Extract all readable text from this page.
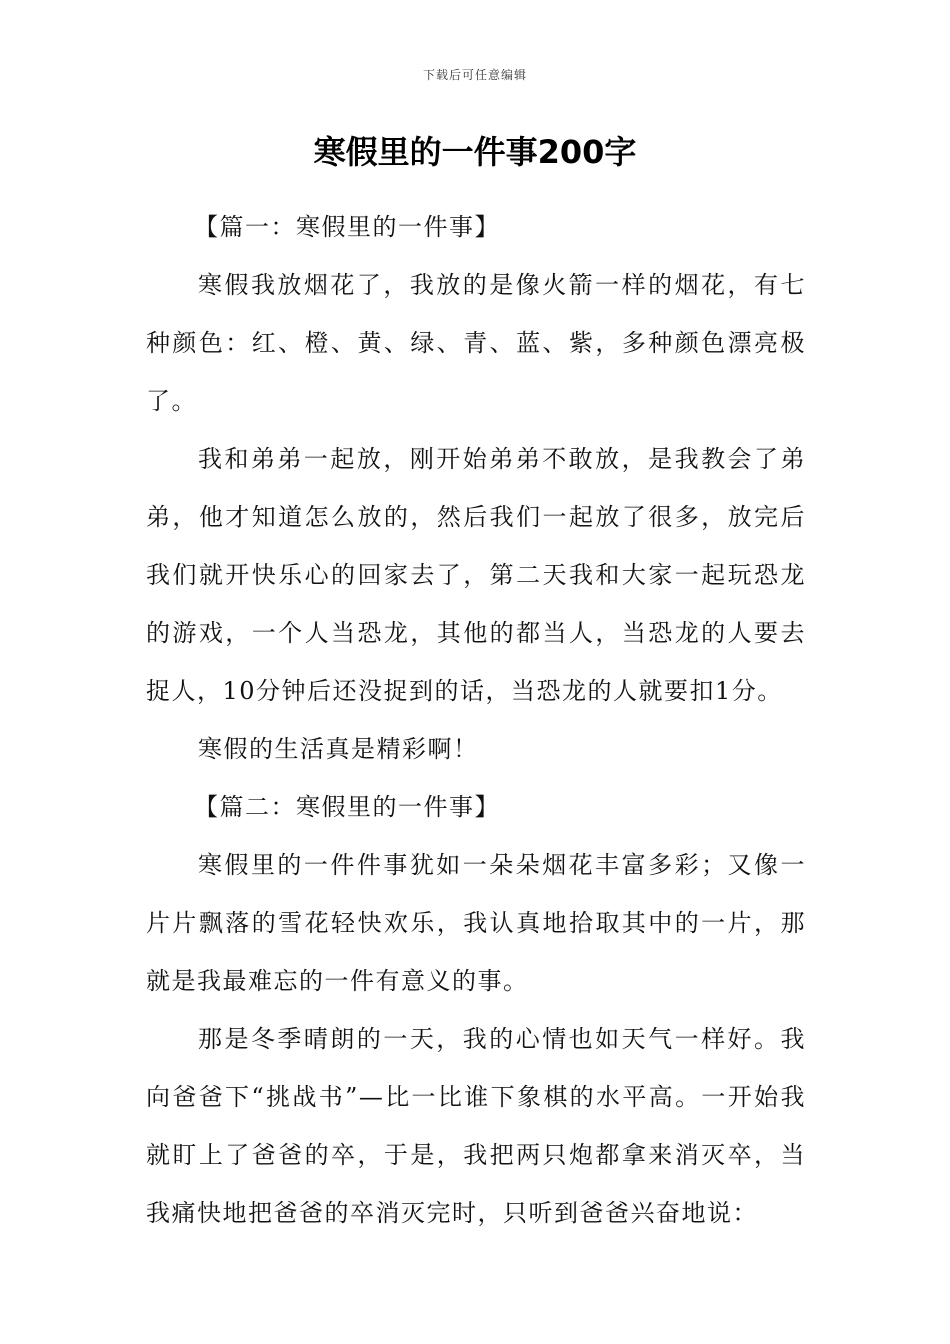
下载后可任意编辑
寒假里的一件事200字

【篇一：寒假里的一件事】

寒假我放烟花了，我放的是像火箭一样的烟花，有七种颜色：红、橙、黄、绿、青、蓝、紫，多种颜色漂亮极了。

我和弟弟一起放，刚开始弟弟不敢放，是我教会了弟弟，他才知道怎么放的，然后我们一起放了很多，放完后我们就开快乐心的回家去了，第二天我和大家一起玩恐龙的游戏，一个人当恐龙，其他的都当人，当恐龙的人要去捉人，10分钟后还没捉到的话，当恐龙的人就要扣1分。

寒假的生活真是精彩啊！

【篇二：寒假里的一件事】

寒假里的一件件事犹如一朵朵烟花丰富多彩；又像一片片飘落的雪花轻快欢乐，我认真地拾取其中的一片，那就是我最难忘的一件有意义的事。

那是冬季晴朗的一天，我的心情也如天气一样好。我向爸爸下“挑战书”—比一比谁下象棋的水平高。一开始我就盯上了爸爸的卒，于是，我把两只炮都拿来消灭卒，当我痛快地把爸爸的卒消灭完时，只听到爸爸兴奋地说：
